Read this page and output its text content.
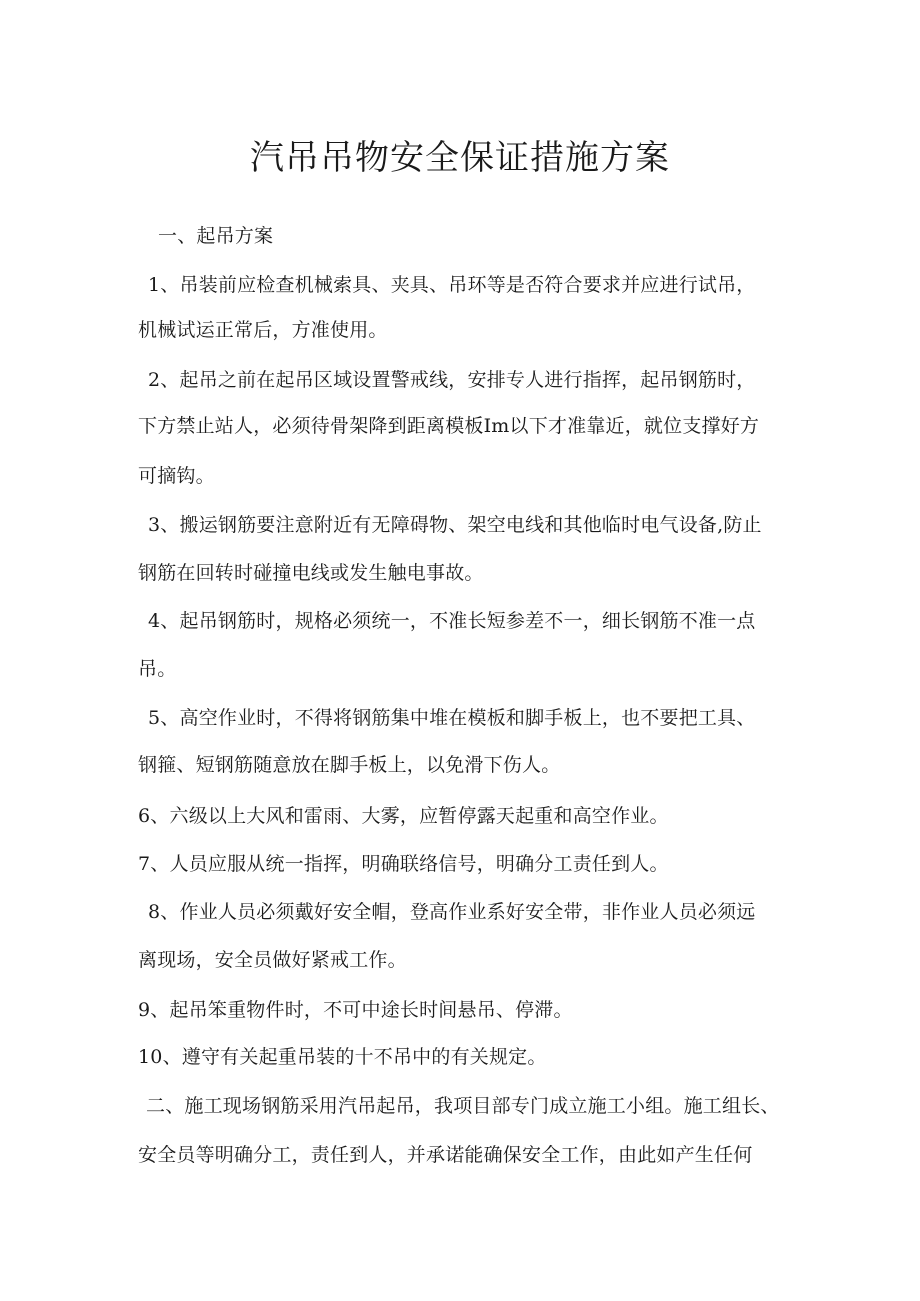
汽吊吊物安全保证措施方案
一、起吊方案
1、吊装前应检查机械索具、夹具、吊环等是否符合要求并应进行试吊，
机械试运正常后，方准使用。
2、起吊之前在起吊区域设置警戒线，安排专人进行指挥，起吊钢筋时，
下方禁止站人，必须待骨架降到距离模板Im以下才准靠近，就位支撑好方
可摘钩。
3、搬运钢筋要注意附近有无障碍物、架空电线和其他临时电气设备,防止
钢筋在回转时碰撞电线或发生触电事故。
4、起吊钢筋时，规格必须统一，不准长短参差不一，细长钢筋不准一点
吊。
5、高空作业时，不得将钢筋集中堆在模板和脚手板上，也不要把工具、
钢箍、短钢筋随意放在脚手板上，以免滑下伤人。
6、六级以上大风和雷雨、大雾，应暂停露天起重和高空作业。
7、人员应服从统一指挥，明确联络信号，明确分工责任到人。
8、作业人员必须戴好安全帽，登高作业系好安全带，非作业人员必须远
离现场，安全员做好紧戒工作。
9、起吊笨重物件时，不可中途长时间悬吊、停滞。
10、遵守有关起重吊装的十不吊中的有关规定。
二、施工现场钢筋采用汽吊起吊，我项目部专门成立施工小组。施工组长、
安全员等明确分工，责任到人，并承诺能确保安全工作，由此如产生任何
